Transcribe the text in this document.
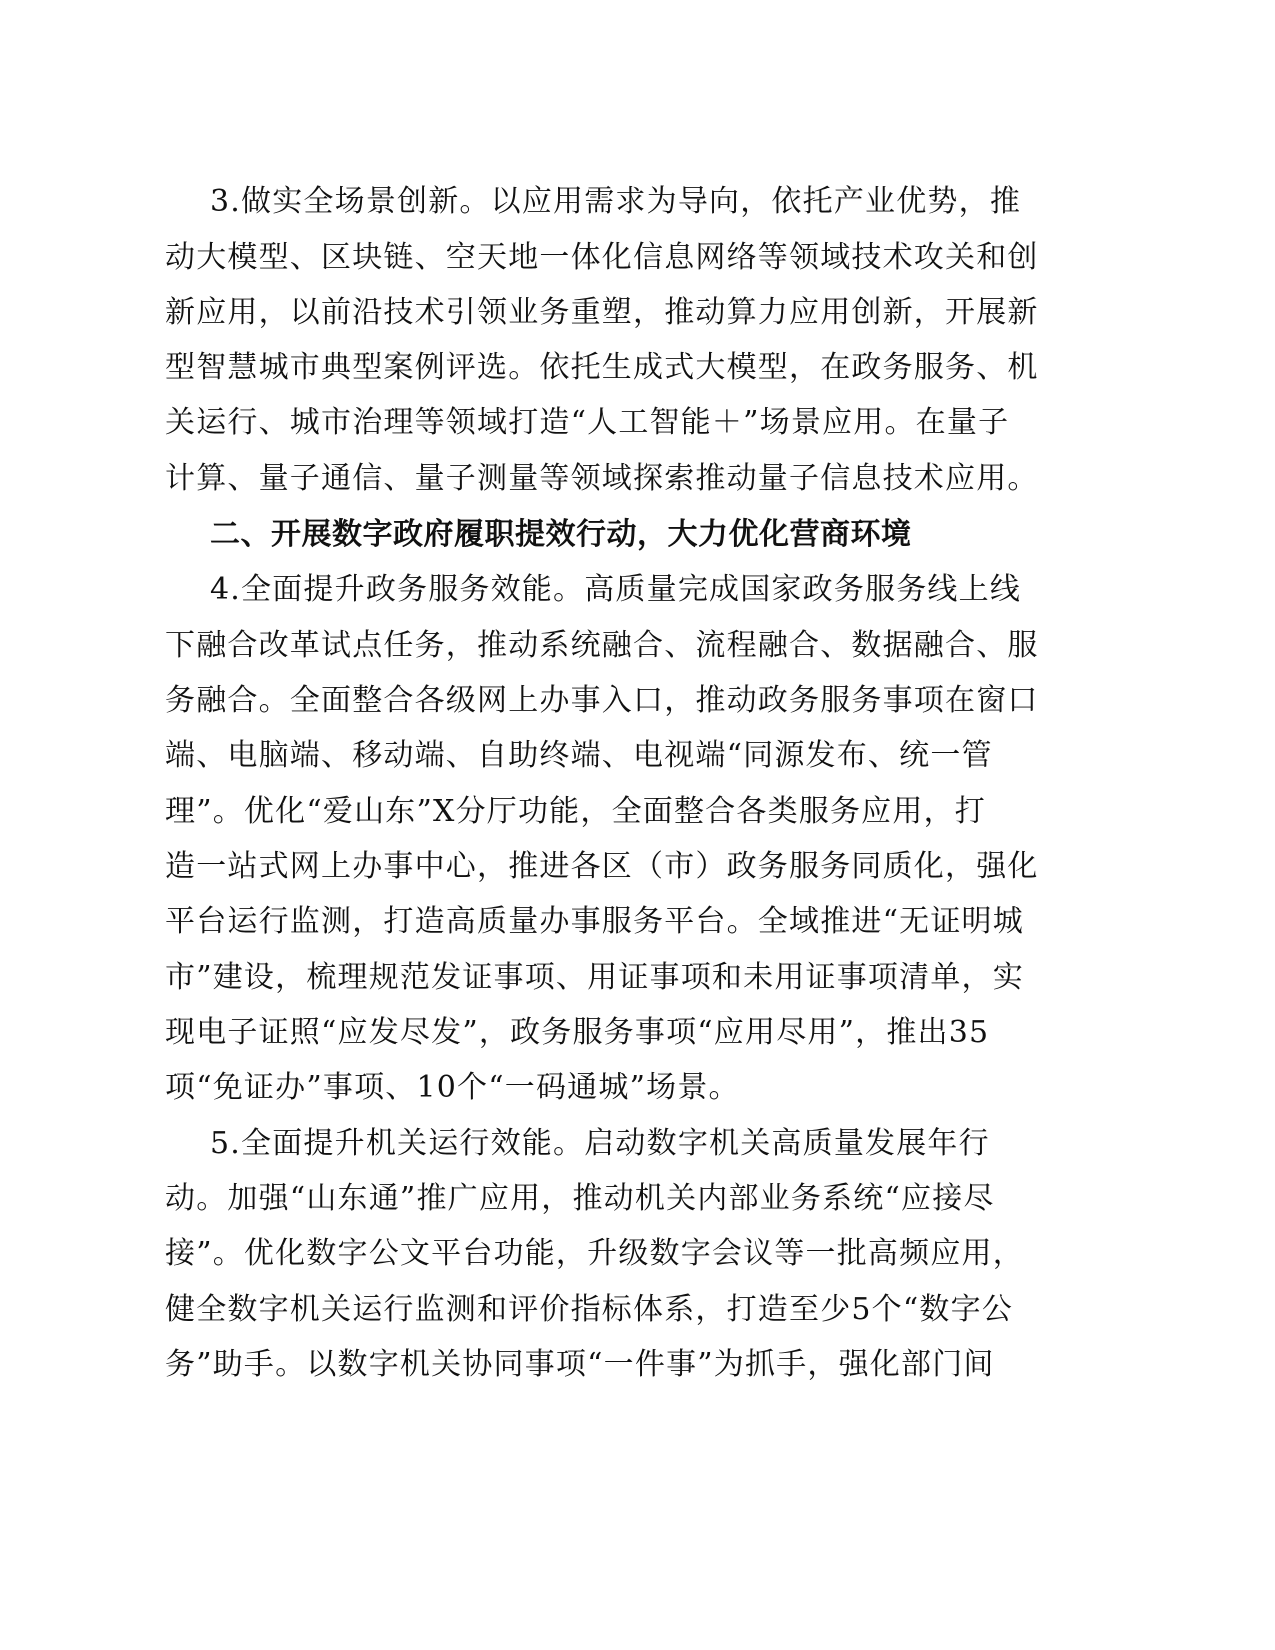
3.做实全场景创新。以应用需求为导向，依托产业优势，推
动大模型、区块链、空天地一体化信息网络等领域技术攻关和创
新应用，以前沿技术引领业务重塑，推动算力应用创新，开展新
型智慧城市典型案例评选。依托生成式大模型，在政务服务、机
关运行、城市治理等领域打造“人工智能＋”场景应用。在量子
计算、量子通信、量子测量等领域探索推动量子信息技术应用。
二、开展数字政府履职提效行动，大力优化营商环境
4.全面提升政务服务效能。高质量完成国家政务服务线上线
下融合改革试点任务，推动系统融合、流程融合、数据融合、服
务融合。全面整合各级网上办事入口，推动政务服务事项在窗口
端、电脑端、移动端、自助终端、电视端“同源发布、统一管
理”。优化“爱山东”X分厅功能，全面整合各类服务应用，打
造一站式网上办事中心，推进各区（市）政务服务同质化，强化
平台运行监测，打造高质量办事服务平台。全域推进“无证明城
市”建设，梳理规范发证事项、用证事项和未用证事项清单，实
现电子证照“应发尽发”，政务服务事项“应用尽用”，推出35
项“免证办”事项、10个“一码通城”场景。
5.全面提升机关运行效能。启动数字机关高质量发展年行
动。加强“山东通”推广应用，推动机关内部业务系统“应接尽
接”。优化数字公文平台功能，升级数字会议等一批高频应用，
健全数字机关运行监测和评价指标体系，打造至少5个“数字公
务”助手。以数字机关协同事项“一件事”为抓手，强化部门间
